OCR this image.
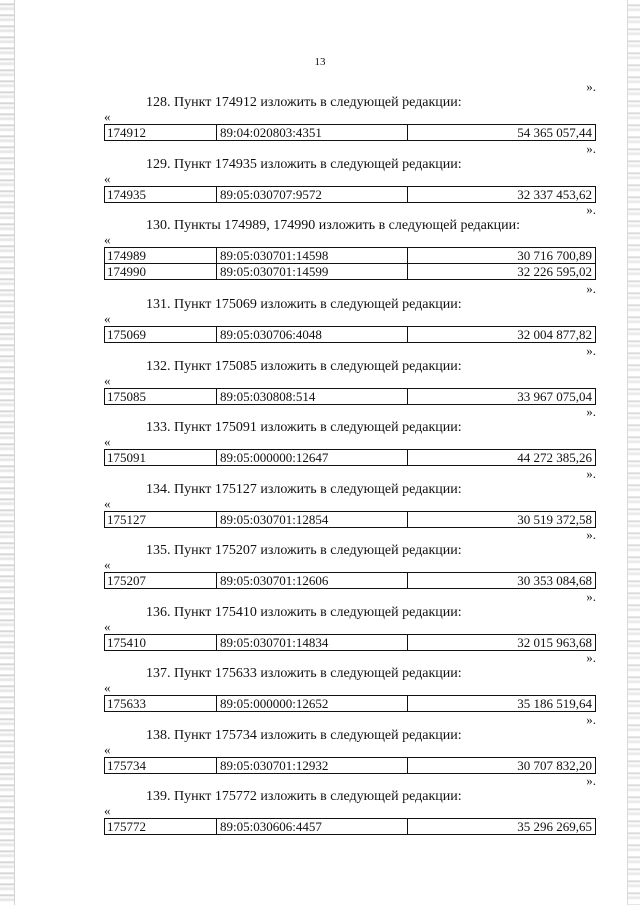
13
».
128. Пункт 174912 изложить в следующей редакции:
«
174912	89:04:020803:4351	54 365 057,44
».
129. Пункт 174935 изложить в следующей редакции:
«
174935	89:05:030707:9572	32 337 453,62
».
130. Пункты 174989, 174990 изложить в следующей редакции:
«
174989	89:05:030701:14598	30 716 700,89
174990	89:05:030701:14599	32 226 595,02
».
131. Пункт 175069 изложить в следующей редакции:
«
175069	89:05:030706:4048	32 004 877,82
».
132. Пункт 175085 изложить в следующей редакции:
«
175085	89:05:030808:514	33 967 075,04
».
133. Пункт 175091 изложить в следующей редакции:
«
175091	89:05:000000:12647	44 272 385,26
».
134. Пункт 175127 изложить в следующей редакции:
«
175127	89:05:030701:12854	30 519 372,58
».
135. Пункт 175207 изложить в следующей редакции:
«
175207	89:05:030701:12606	30 353 084,68
».
136. Пункт 175410 изложить в следующей редакции:
«
175410	89:05:030701:14834	32 015 963,68
».
137. Пункт 175633 изложить в следующей редакции:
«
175633	89:05:000000:12652	35 186 519,64
».
138. Пункт 175734 изложить в следующей редакции:
«
175734	89:05:030701:12932	30 707 832,20
».
139. Пункт 175772 изложить в следующей редакции:
«
175772	89:05:030606:4457	35 296 269,65
